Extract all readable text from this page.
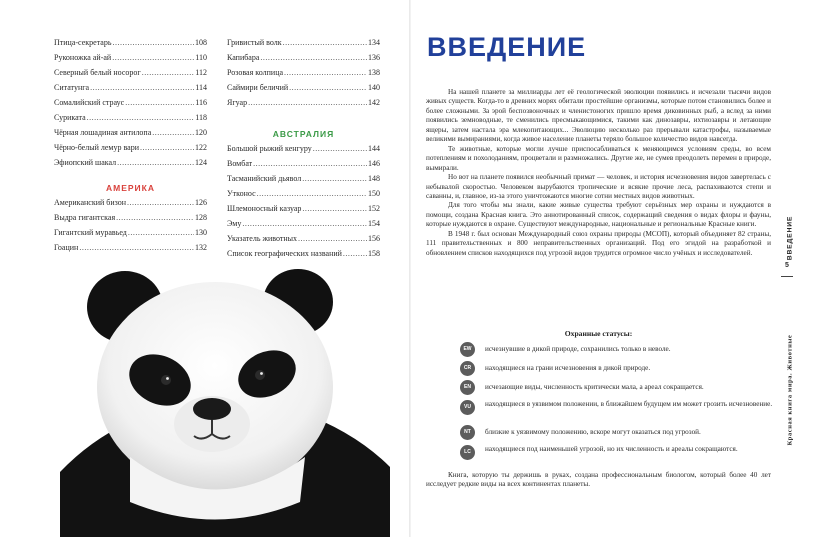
Птица-секретарь .....	108
Руконожка ай-ай .....	110
Северный белый носорог .....	112
Ситатунга .....	114
Сомалийский страус .....	116
Суриката .....	118
Чёрная лошадиная антилопа .....	120
Чёрно-белый лемур вари .....	122
Эфиопский шакал .....	124
АМЕРИКА
Американский бизон .....	126
Выдра гигантская .....	128
Гигантский муравьед .....	130
Гоацин .....	132
Гривистый волк .....	134
Капибара .....	136
Розовая колпица .....	138
Саймири беличий .....	140
Ягуар .....	142
АВСТРАЛИЯ
Большой рыжий кенгуру .....	144
Вомбат .....	146
Тасманийский дьявол .....	148
Утконос .....	150
Шлемоносный казуар .....	152
Эму .....	154
Указатель животных .....	156
Список географических названий .....	158
ВВЕДЕНИЕ

На нашей планете за миллиарды лет её геологической эволюции появились и исчезали тысячи видов живых существ. Когда-то в древних морях обитали простейшие организмы, которые потом становились более и более сложными. За эрой беспозвоночных и членистоногих пришло время диковинных рыб, а вслед за ними появились земноводные, те сменились пресмыкающимися, такими как динозавры, ихтиозавры и летающие ящеры, затем настала эра млекопитающих... Эволюцию несколько раз прерывали катастрофы, называемые великими вымираниями, когда живое население планеты теряло большое количество видов навсегда.

Те животные, которые могли лучше приспосабливаться к меняющимся условиям среды, во всем потеплениям и похолоданиям, процветали и размножались. Другие же, не сумев преодолеть перемен в природе, вымирали.

Но вот на планете появился необычный примат — человек, и история исчезновения видов завертелась с небывалой скоростью. Человеком вырубаются тропические и всякие прочие леса, распахиваются степи и саванны, и, главное, из-за этого уничтожаются многие сотни местных видов животных.

Для того чтобы мы знали, какие живые существа требуют серьёзных мер охраны и нуждаются в помощи, создана Красная книга. Это аннотированный список, содержащий сведения о видах флоры и фауны, которые нуждаются в охране. Существуют международные, национальные и региональные Красные книги.

В 1948 г. был основан Международный союз охраны природы (МСОП), который объединяет 82 страны, 111 правительственных и 800 неправительственных организаций. Под его эгидой на разработкой и обновлением списков находящихся под угрозой видов трудится огромное число учёных и исследователей.

Охранные статусы:
EW	исчезнувшие в дикой природе, сохранились только в неволе.
CR	находящиеся на грани исчезновения в дикой природе.
EN	исчезающие виды, численность критически мала, а ареал сокращается.
VU	находящиеся в уязвимом положении, в ближайшем будущем им может грозить исчезновение.
NT	близкие к уязвимому положению, вскоре могут оказаться под угрозой.
LC	находящиеся под наименьшей угрозой, но их численность и ареалы сокращаются.

Книга, которую ты держишь в руках, создана профессиональным биологом, который более 40 лет исследует редкие виды на всех континентах планеты.

ВВЕДЕНИЕ
5
Красная книга мира. Животные
